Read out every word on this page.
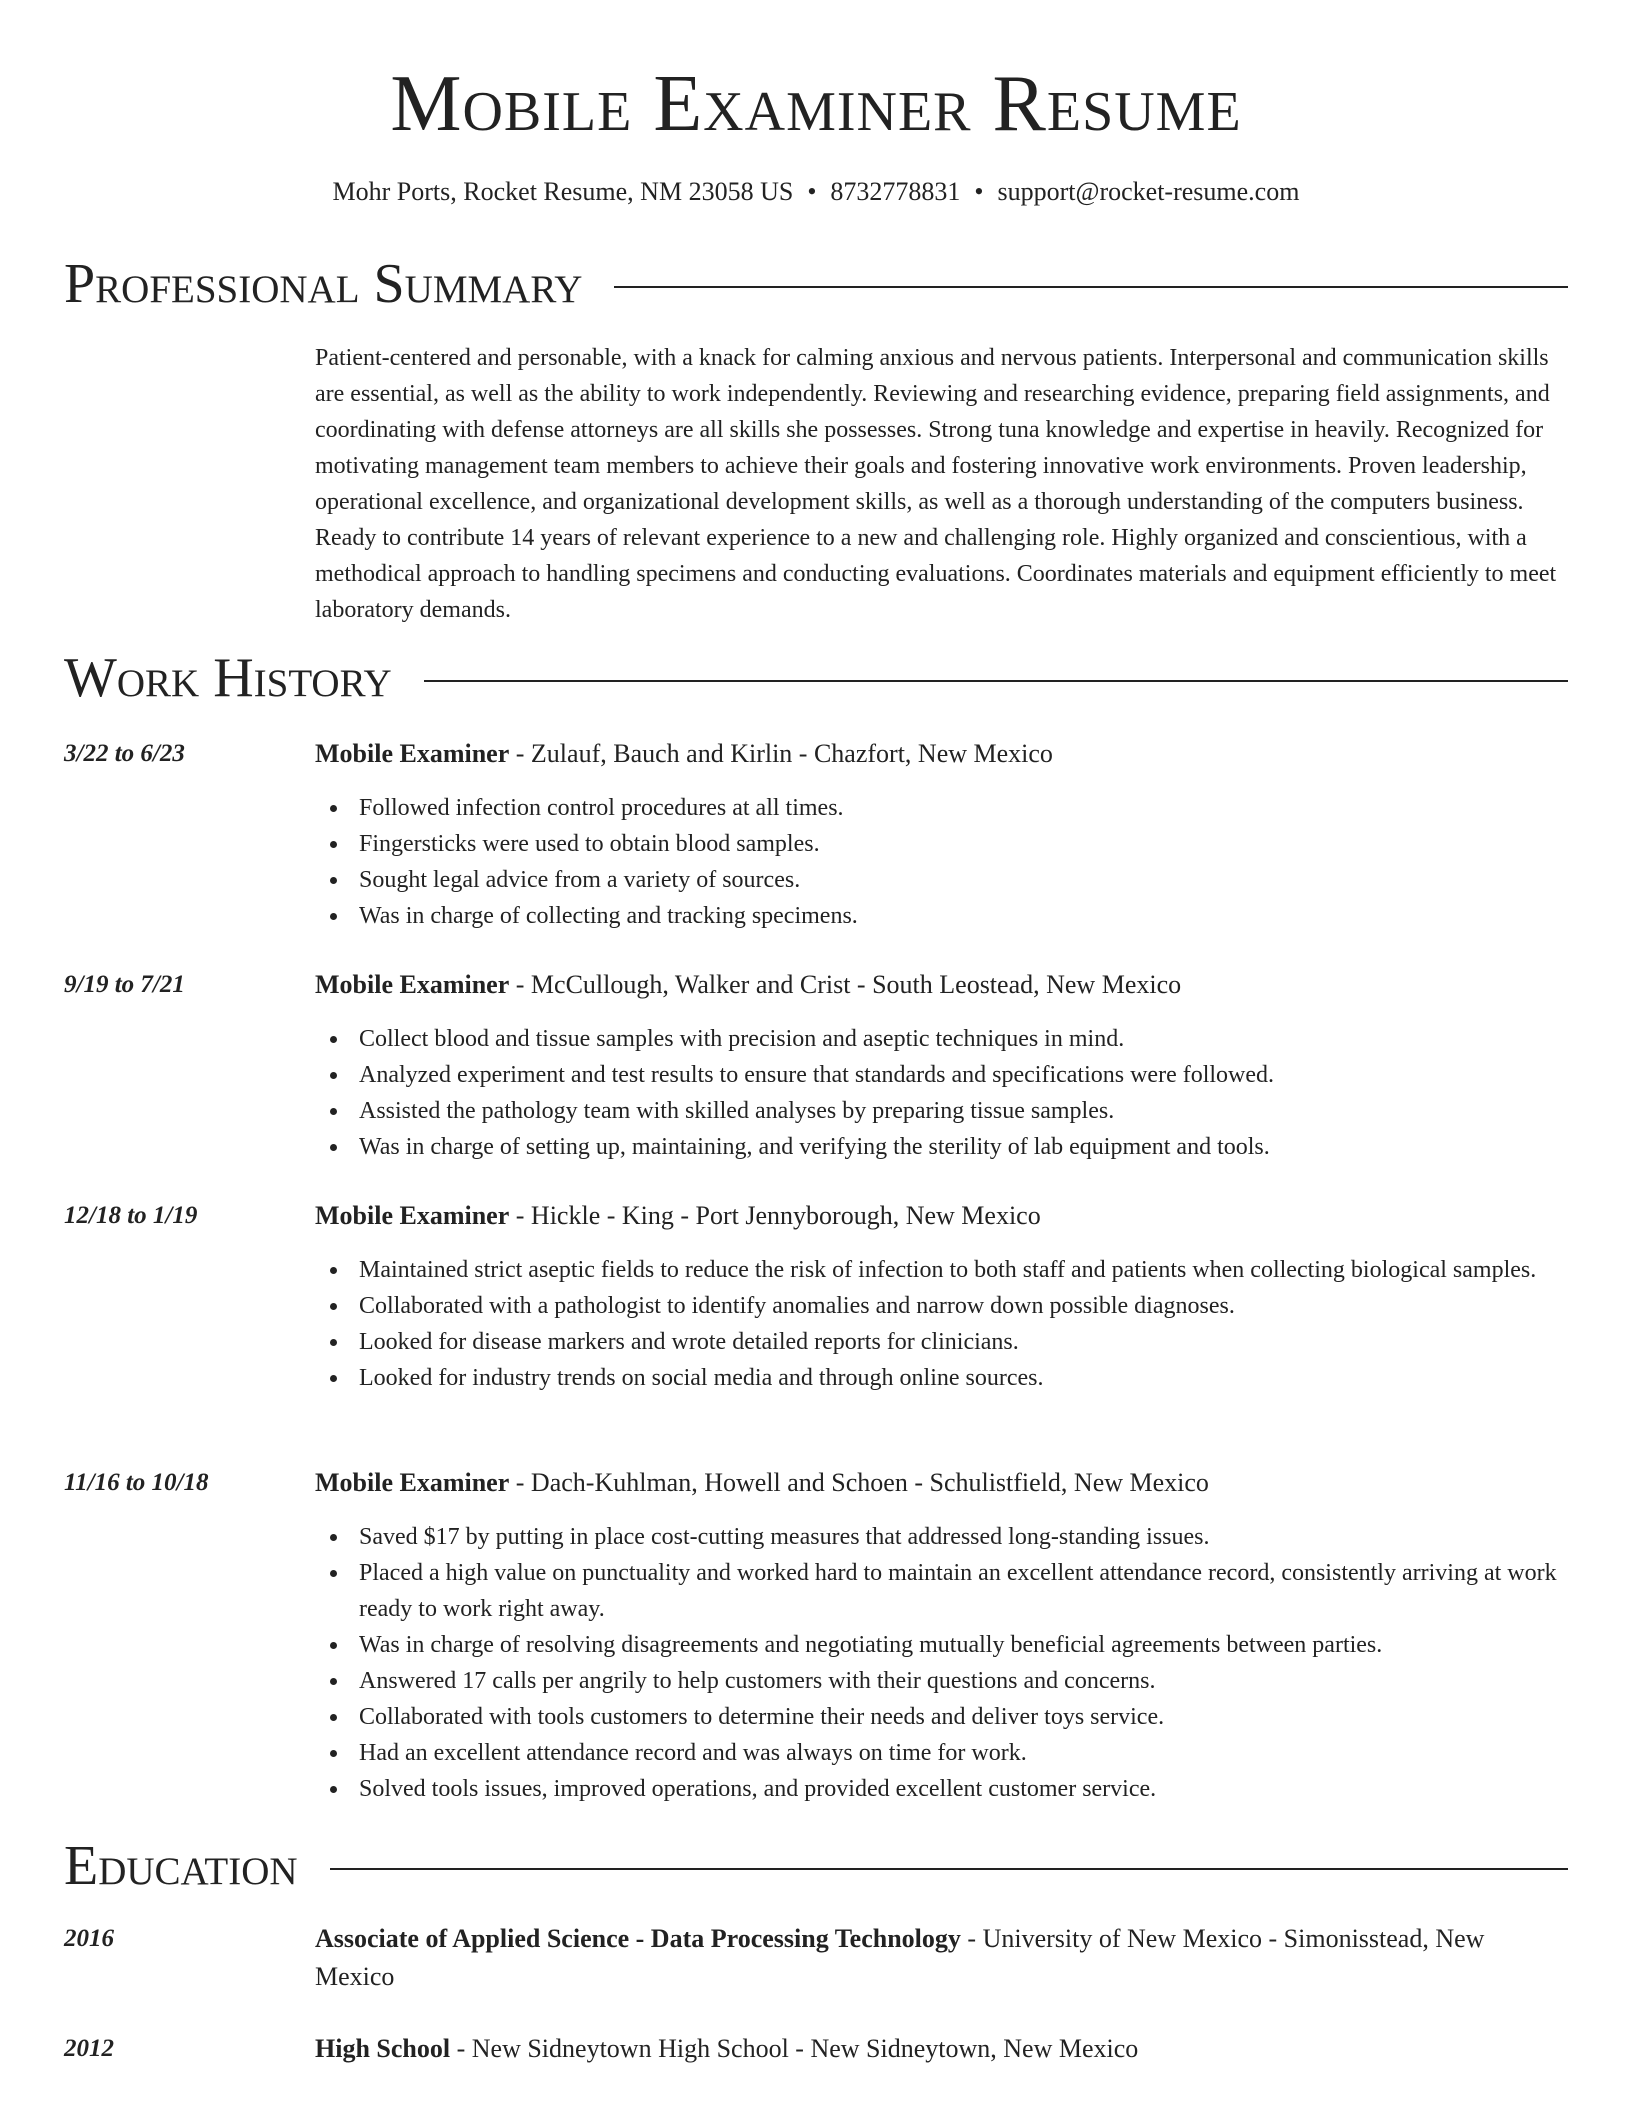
Mobile Examiner Resume
Mohr Ports, Rocket Resume, NM 23058 US • 8732778831 • support@rocket-resume.com
Professional Summary
Patient-centered and personable, with a knack for calming anxious and nervous patients. Interpersonal and communication skills are essential, as well as the ability to work independently. Reviewing and researching evidence, preparing field assignments, and coordinating with defense attorneys are all skills she possesses. Strong tuna knowledge and expertise in heavily. Recognized for motivating management team members to achieve their goals and fostering innovative work environments. Proven leadership, operational excellence, and organizational development skills, as well as a thorough understanding of the computers business. Ready to contribute 14 years of relevant experience to a new and challenging role. Highly organized and conscientious, with a methodical approach to handling specimens and conducting evaluations. Coordinates materials and equipment efficiently to meet laboratory demands.
Work History
3/22 to 6/23	Mobile Examiner - Zulauf, Bauch and Kirlin - Chazfort, New Mexico
Followed infection control procedures at all times.
Fingersticks were used to obtain blood samples.
Sought legal advice from a variety of sources.
Was in charge of collecting and tracking specimens.
9/19 to 7/21	Mobile Examiner - McCullough, Walker and Crist - South Leostead, New Mexico
Collect blood and tissue samples with precision and aseptic techniques in mind.
Analyzed experiment and test results to ensure that standards and specifications were followed.
Assisted the pathology team with skilled analyses by preparing tissue samples.
Was in charge of setting up, maintaining, and verifying the sterility of lab equipment and tools.
12/18 to 1/19	Mobile Examiner - Hickle - King - Port Jennyborough, New Mexico
Maintained strict aseptic fields to reduce the risk of infection to both staff and patients when collecting biological samples.
Collaborated with a pathologist to identify anomalies and narrow down possible diagnoses.
Looked for disease markers and wrote detailed reports for clinicians.
Looked for industry trends on social media and through online sources.
11/16 to 10/18	Mobile Examiner - Dach-Kuhlman, Howell and Schoen - Schulistfield, New Mexico
Saved $17 by putting in place cost-cutting measures that addressed long-standing issues.
Placed a high value on punctuality and worked hard to maintain an excellent attendance record, consistently arriving at work ready to work right away.
Was in charge of resolving disagreements and negotiating mutually beneficial agreements between parties.
Answered 17 calls per angrily to help customers with their questions and concerns.
Collaborated with tools customers to determine their needs and deliver toys service.
Had an excellent attendance record and was always on time for work.
Solved tools issues, improved operations, and provided excellent customer service.
Education
2016	Associate of Applied Science - Data Processing Technology - University of New Mexico - Simonisstead, New Mexico
2012	High School - New Sidneytown High School - New Sidneytown, New Mexico
